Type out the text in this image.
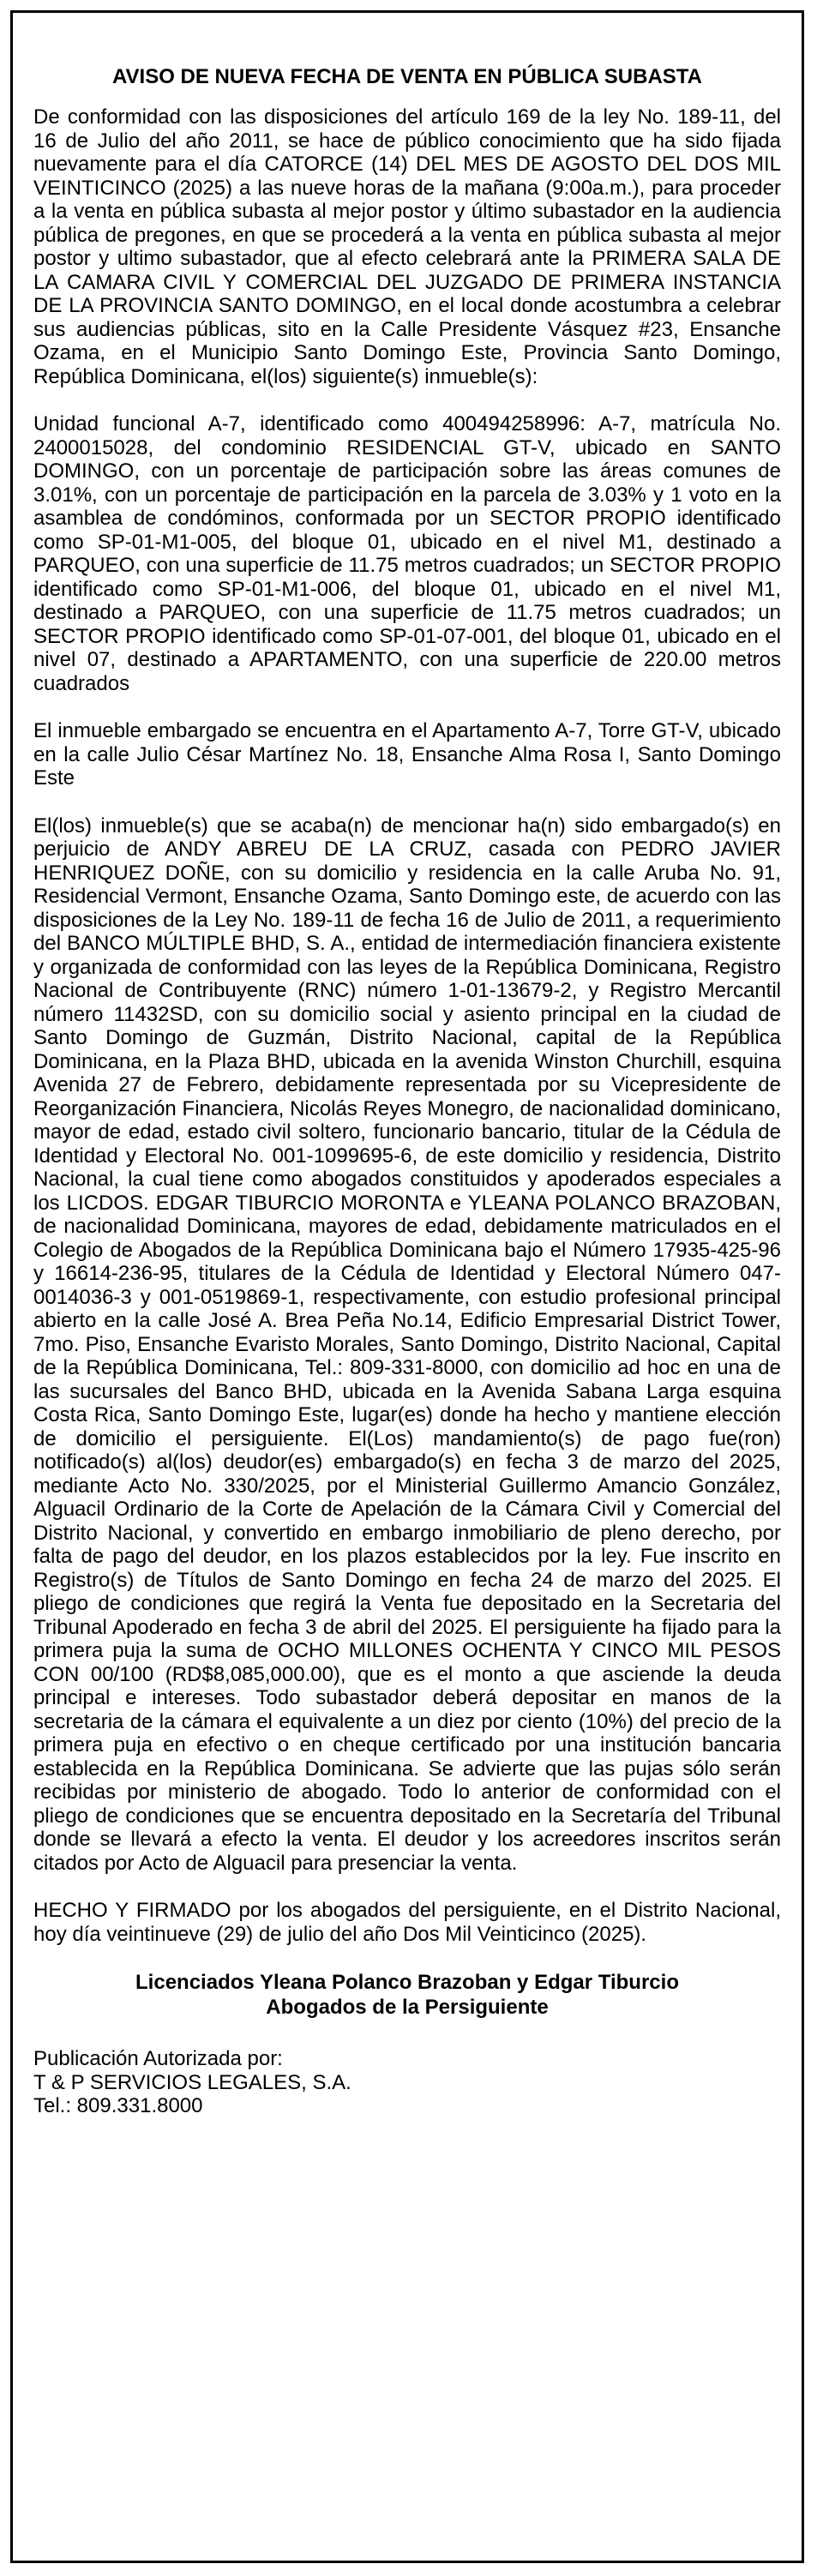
AVISO DE NUEVA FECHA DE VENTA EN PÚBLICA SUBASTA

De conformidad con las disposiciones del artículo 169 de la ley No. 189-11, del 16 de Julio del año 2011, se hace de público conocimiento que ha sido fijada nuevamente para el día CATORCE (14) DEL MES DE AGOSTO DEL DOS MIL VEINTICINCO (2025) a las nueve horas de la mañana (9:00a.m.), para proceder a la venta en pública subasta al mejor postor y último subastador en la audiencia pública de pregones, en que se procederá a la venta en pública subasta al mejor postor y ultimo subastador, que al efecto celebrará ante la PRIMERA SALA DE LA CAMARA CIVIL Y COMERCIAL DEL JUZGADO DE PRIMERA INSTANCIA DE LA PROVINCIA SANTO DOMINGO, en el local donde acostumbra a celebrar sus audiencias públicas, sito en la Calle Presidente Vásquez #23, Ensanche Ozama, en el Municipio Santo Domingo Este, Provincia Santo Domingo, República Dominicana, el(los) siguiente(s) inmueble(s):

Unidad funcional A-7, identificado como 400494258996: A-7, matrícula No. 2400015028, del condominio RESIDENCIAL GT-V, ubicado en SANTO DOMINGO, con un porcentaje de participación sobre las áreas comunes de 3.01%, con un porcentaje de participación en la parcela de 3.03% y 1 voto en la asamblea de condóminos, conformada por un SECTOR PROPIO identificado como SP-01-M1-005, del bloque 01, ubicado en el nivel M1, destinado a PARQUEO, con una superficie de 11.75 metros cuadrados; un SECTOR PROPIO identificado como SP-01-M1-006, del bloque 01, ubicado en el nivel M1, destinado a PARQUEO, con una superficie de 11.75 metros cuadrados; un SECTOR PROPIO identificado como SP-01-07-001, del bloque 01, ubicado en el nivel 07, destinado a APARTAMENTO, con una superficie de 220.00 metros cuadrados

El inmueble embargado se encuentra en el Apartamento A-7, Torre GT-V, ubicado en la calle Julio César Martínez No. 18, Ensanche Alma Rosa I, Santo Domingo Este

El(los) inmueble(s) que se acaba(n) de mencionar ha(n) sido embargado(s) en perjuicio de ANDY ABREU DE LA CRUZ, casada con PEDRO JAVIER HENRIQUEZ DOÑE, con su domicilio y residencia en la calle Aruba No. 91, Residencial Vermont, Ensanche Ozama, Santo Domingo este, de acuerdo con las disposiciones de la Ley No. 189-11 de fecha 16 de Julio de 2011, a requerimiento del BANCO MÚLTIPLE BHD, S. A., entidad de intermediación financiera existente y organizada de conformidad con las leyes de la República Dominicana, Registro Nacional de Contribuyente (RNC) número 1-01-13679-2, y Registro Mercantil número 11432SD, con su domicilio social y asiento principal en la ciudad de Santo Domingo de Guzmán, Distrito Nacional, capital de la República Dominicana, en la Plaza BHD, ubicada en la avenida Winston Churchill, esquina Avenida 27 de Febrero, debidamente representada por su Vicepresidente de Reorganización Financiera, Nicolás Reyes Monegro, de nacionalidad dominicano, mayor de edad, estado civil soltero, funcionario bancario, titular de la Cédula de Identidad y Electoral No. 001-1099695-6, de este domicilio y residencia, Distrito Nacional, la cual tiene como abogados constituidos y apoderados especiales a los LICDOS. EDGAR TIBURCIO MORONTA e YLEANA POLANCO BRAZOBAN, de nacionalidad Dominicana, mayores de edad, debidamente matriculados en el Colegio de Abogados de la República Dominicana bajo el Número 17935-425-96 y 16614-236-95, titulares de la Cédula de Identidad y Electoral Número 047-0014036-3 y 001-0519869-1, respectivamente, con estudio profesional principal abierto en la calle José A. Brea Peña No.14, Edificio Empresarial District Tower, 7mo. Piso, Ensanche Evaristo Morales, Santo Domingo, Distrito Nacional, Capital de la República Dominicana, Tel.: 809-331-8000, con domicilio ad hoc en una de las sucursales del Banco BHD, ubicada en la Avenida Sabana Larga esquina Costa Rica, Santo Domingo Este, lugar(es) donde ha hecho y mantiene elección de domicilio el persiguiente. El(Los) mandamiento(s) de pago fue(ron) notificado(s) al(los) deudor(es) embargado(s) en fecha 3 de marzo del 2025, mediante Acto No. 330/2025, por el Ministerial Guillermo Amancio González, Alguacil Ordinario de la Corte de Apelación de la Cámara Civil y Comercial del Distrito Nacional, y convertido en embargo inmobiliario de pleno derecho, por falta de pago del deudor, en los plazos establecidos por la ley. Fue inscrito en Registro(s) de Títulos de Santo Domingo en fecha 24 de marzo del 2025. El pliego de condiciones que regirá la Venta fue depositado en la Secretaria del Tribunal Apoderado en fecha 3 de abril del 2025. El persiguiente ha fijado para la primera puja la suma de OCHO MILLONES OCHENTA Y CINCO MIL PESOS CON 00/100 (RD$8,085,000.00), que es el monto a que asciende la deuda principal e intereses. Todo subastador deberá depositar en manos de la secretaria de la cámara el equivalente a un diez por ciento (10%) del precio de la primera puja en efectivo o en cheque certificado por una institución bancaria establecida en la República Dominicana. Se advierte que las pujas sólo serán recibidas por ministerio de abogado. Todo lo anterior de conformidad con el pliego de condiciones que se encuentra depositado en la Secretaría del Tribunal donde se llevará a efecto la venta. El deudor y los acreedores inscritos serán citados por Acto de Alguacil para presenciar la venta.

HECHO Y FIRMADO por los abogados del persiguiente, en el Distrito Nacional, hoy día veintinueve (29) de julio del año Dos Mil Veinticinco (2025).

Licenciados Yleana Polanco Brazoban y Edgar Tiburcio
Abogados de la Persiguiente
Publicación Autorizada por:
T & P SERVICIOS LEGALES, S.A.
Tel.: 809.331.8000
